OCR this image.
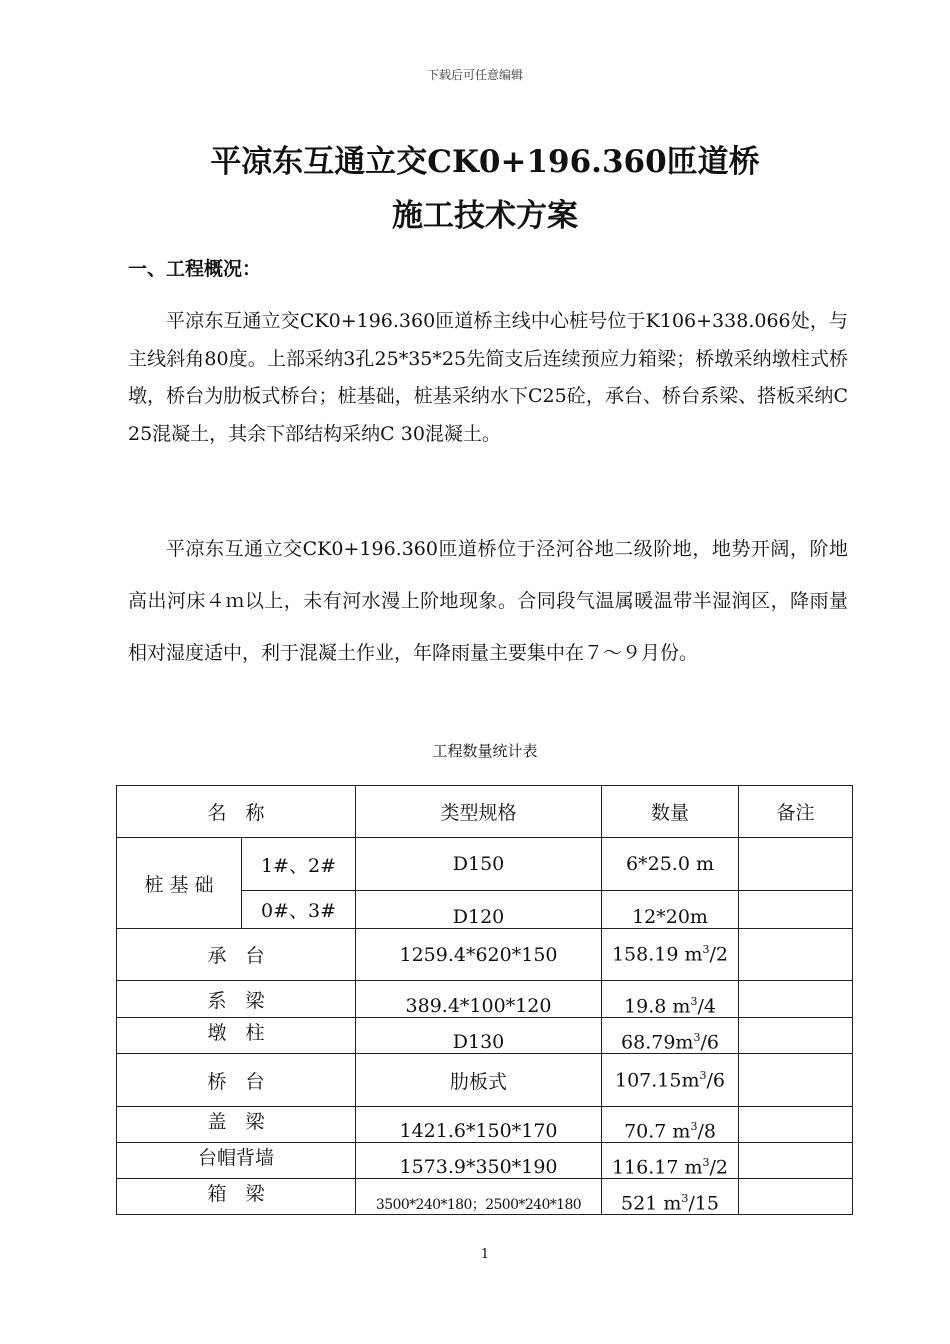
下载后可任意编辑
平凉东互通立交CK0+196.360匝道桥
施工技术方案
一、工程概况：
平凉东互通立交CK0+196.360匝道桥主线中心桩号位于K106+338.066处，与主线斜角80度。上部采纳3孔25*35*25先简支后连续预应力箱梁；桥墩采纳墩柱式桥墩，桥台为肋板式桥台；桩基础，桩基采纳水下C25砼，承台、桥台系梁、搭板采纳C 25混凝土，其余下部结构采纳C 30混凝土。
平凉东互通立交CK0+196.360匝道桥位于泾河谷地二级阶地，地势开阔，阶地高出河床４ｍ以上，未有河水漫上阶地现象。合同段气温属暖温带半湿润区，降雨量相对湿度适中，利于混凝土作业，年降雨量主要集中在７～９月份。
工程数量统计表
名　称		类型规格	数量	备注
桩 基 础	1#、2#	D150	6*25.0 m	
	0#、3#	D120	12*20m	
承　台		1259.4*620*150	158.19 $m^3/2$	
系　梁		389.4*100*120	19.8 $m^3/4$	
墩　柱		D130	$68.79m^3/6$	
桥　台		肋板式	$107.15m^3/6$	
盖　梁		1421.6*150*170	70.7 $m^3/8$	
台帽背墙		1573.9*350*190	116.17 $m^3/2$	
箱　梁		3500*240*180；2500*240*180	521 $m^3/15$	
1
